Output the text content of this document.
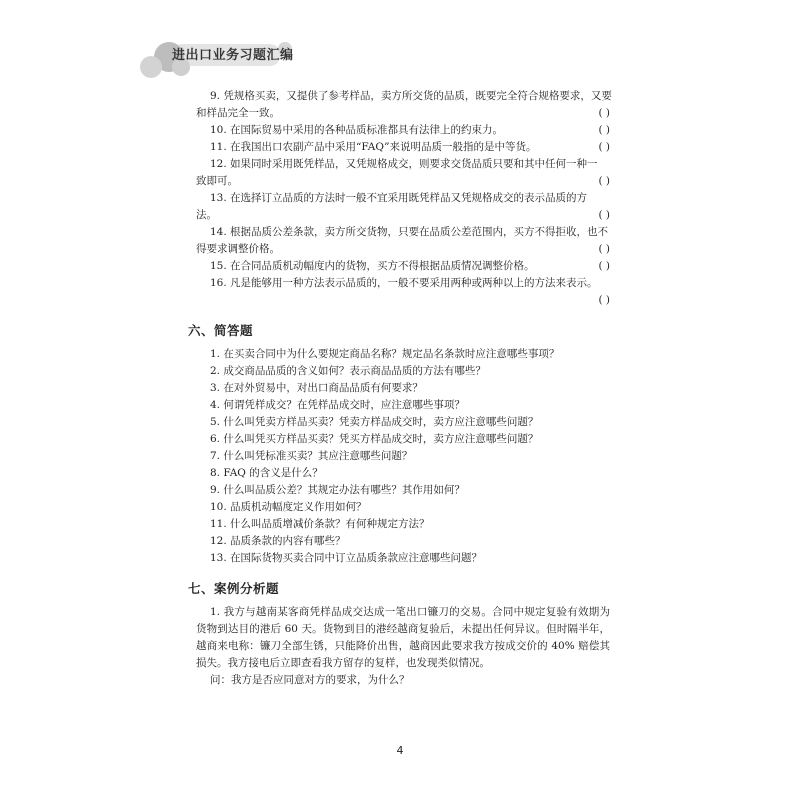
进出口业务习题汇编
9. 凭规格买卖，又提供了参考样品，卖方所交货的品质，既要完全符合规格要求，又要
和样品完全一致。	( )
10. 在国际贸易中采用的各种品质标准都具有法律上的约束力。	( )
11. 在我国出口农副产品中采用“FAQ”来说明品质一般指的是中等货。	( )
12. 如果同时采用既凭样品，又凭规格成交，则要求交货品质只要和其中任何一种一
致即可。	( )
13. 在选择订立品质的方法时一般不宜采用既凭样品又凭规格成交的表示品质的方
法。	( )
14. 根据品质公差条款，卖方所交货物，只要在品质公差范围内，买方不得拒收，也不
得要求调整价格。	( )
15. 在合同品质机动幅度内的货物，买方不得根据品质情况调整价格。	( )
16. 凡是能够用一种方法表示品质的，一般不要采用两种或两种以上的方法来表示。
( )
六、简答题
1. 在买卖合同中为什么要规定商品名称？规定品名条款时应注意哪些事项？
2. 成交商品品质的含义如何？表示商品品质的方法有哪些？
3. 在对外贸易中，对出口商品品质有何要求？
4. 何谓凭样成交？在凭样品成交时，应注意哪些事项？
5. 什么叫凭卖方样品买卖？凭卖方样品成交时，卖方应注意哪些问题？
6. 什么叫凭买方样品买卖？凭买方样品成交时，卖方应注意哪些问题？
7. 什么叫凭标准买卖？其应注意哪些问题？
8. FAQ 的含义是什么？
9. 什么叫品质公差？其规定办法有哪些？其作用如何？
10. 品质机动幅度定义作用如何？
11. 什么叫品质增减价条款？有何种规定方法？
12. 品质条款的内容有哪些？
13. 在国际货物买卖合同中订立品质条款应注意哪些问题？
七、案例分析题
1. 我方与越南某客商凭样品成交达成一笔出口镰刀的交易。合同中规定复验有效期为货物到达目的港后 60 天。货物到目的港经越商复验后，未提出任何异议。但时隔半年，越商来电称：镰刀全部生锈，只能降价出售，越商因此要求我方按成交价的 40% 赔偿其损失。我方接电后立即查看我方留存的复样，也发现类似情况。
问：我方是否应同意对方的要求，为什么？
4
